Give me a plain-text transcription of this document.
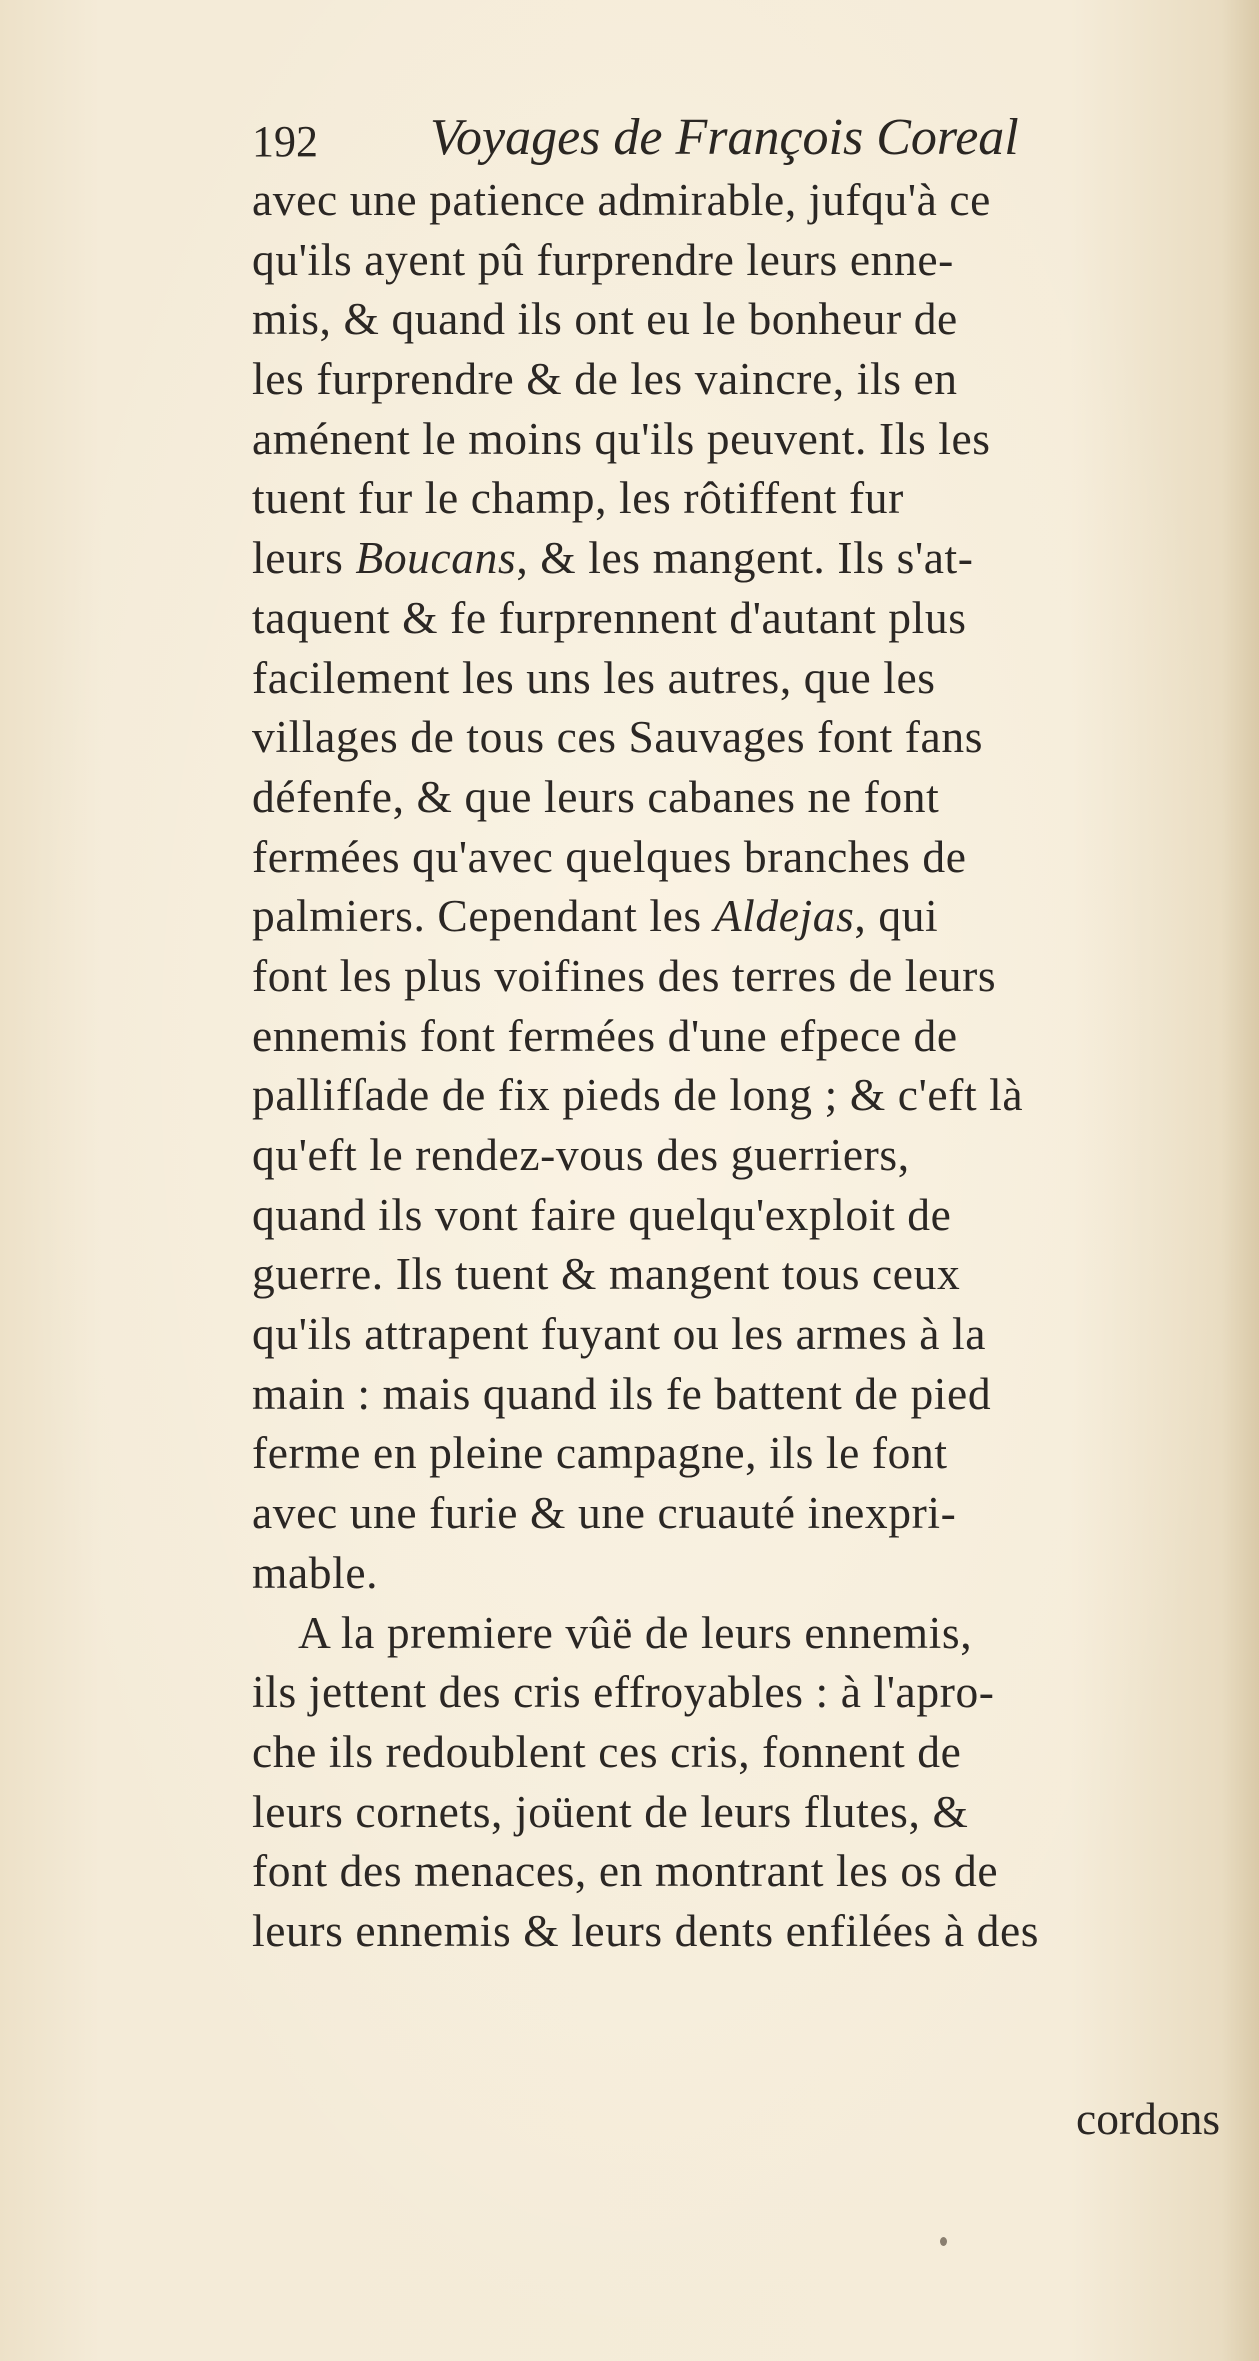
192 Voyages de François Coreal
avec une patience admirable, jufqu'à ce
qu'ils ayent pû furprendre leurs enne-
mis, & quand ils ont eu le bonheur de
les furprendre & de les vaincre, ils en
aménent le moins qu'ils peuvent. Ils les
tuent fur le champ, les rôtiffent fur
leurs Boucans, & les mangent. Ils s'at-
taquent & fe furprennent d'autant plus
facilement les uns les autres, que les
villages de tous ces Sauvages font fans
défenfe, & que leurs cabanes ne font
fermées qu'avec quelques branches de
palmiers. Cependant les Aldejas, qui
font les plus voifines des terres de leurs
ennemis font fermées d'une efpece de
pallifſade de fix pieds de long ; & c'eft là
qu'eft le rendez-vous des guerriers,
quand ils vont faire quelqu'exploit de
guerre. Ils tuent & mangent tous ceux
qu'ils attrapent fuyant ou les armes à la
main : mais quand ils fe battent de pied
ferme en pleine campagne, ils le font
avec une furie & une cruauté inexpri-
mable.
A la premiere vûë de leurs ennemis,
ils jettent des cris effroyables : à l'apro-
che ils redoublent ces cris, fonnent de
leurs cornets, joüent de leurs flutes, &
font des menaces, en montrant les os de
leurs ennemis & leurs dents enfilées à des
cordons
